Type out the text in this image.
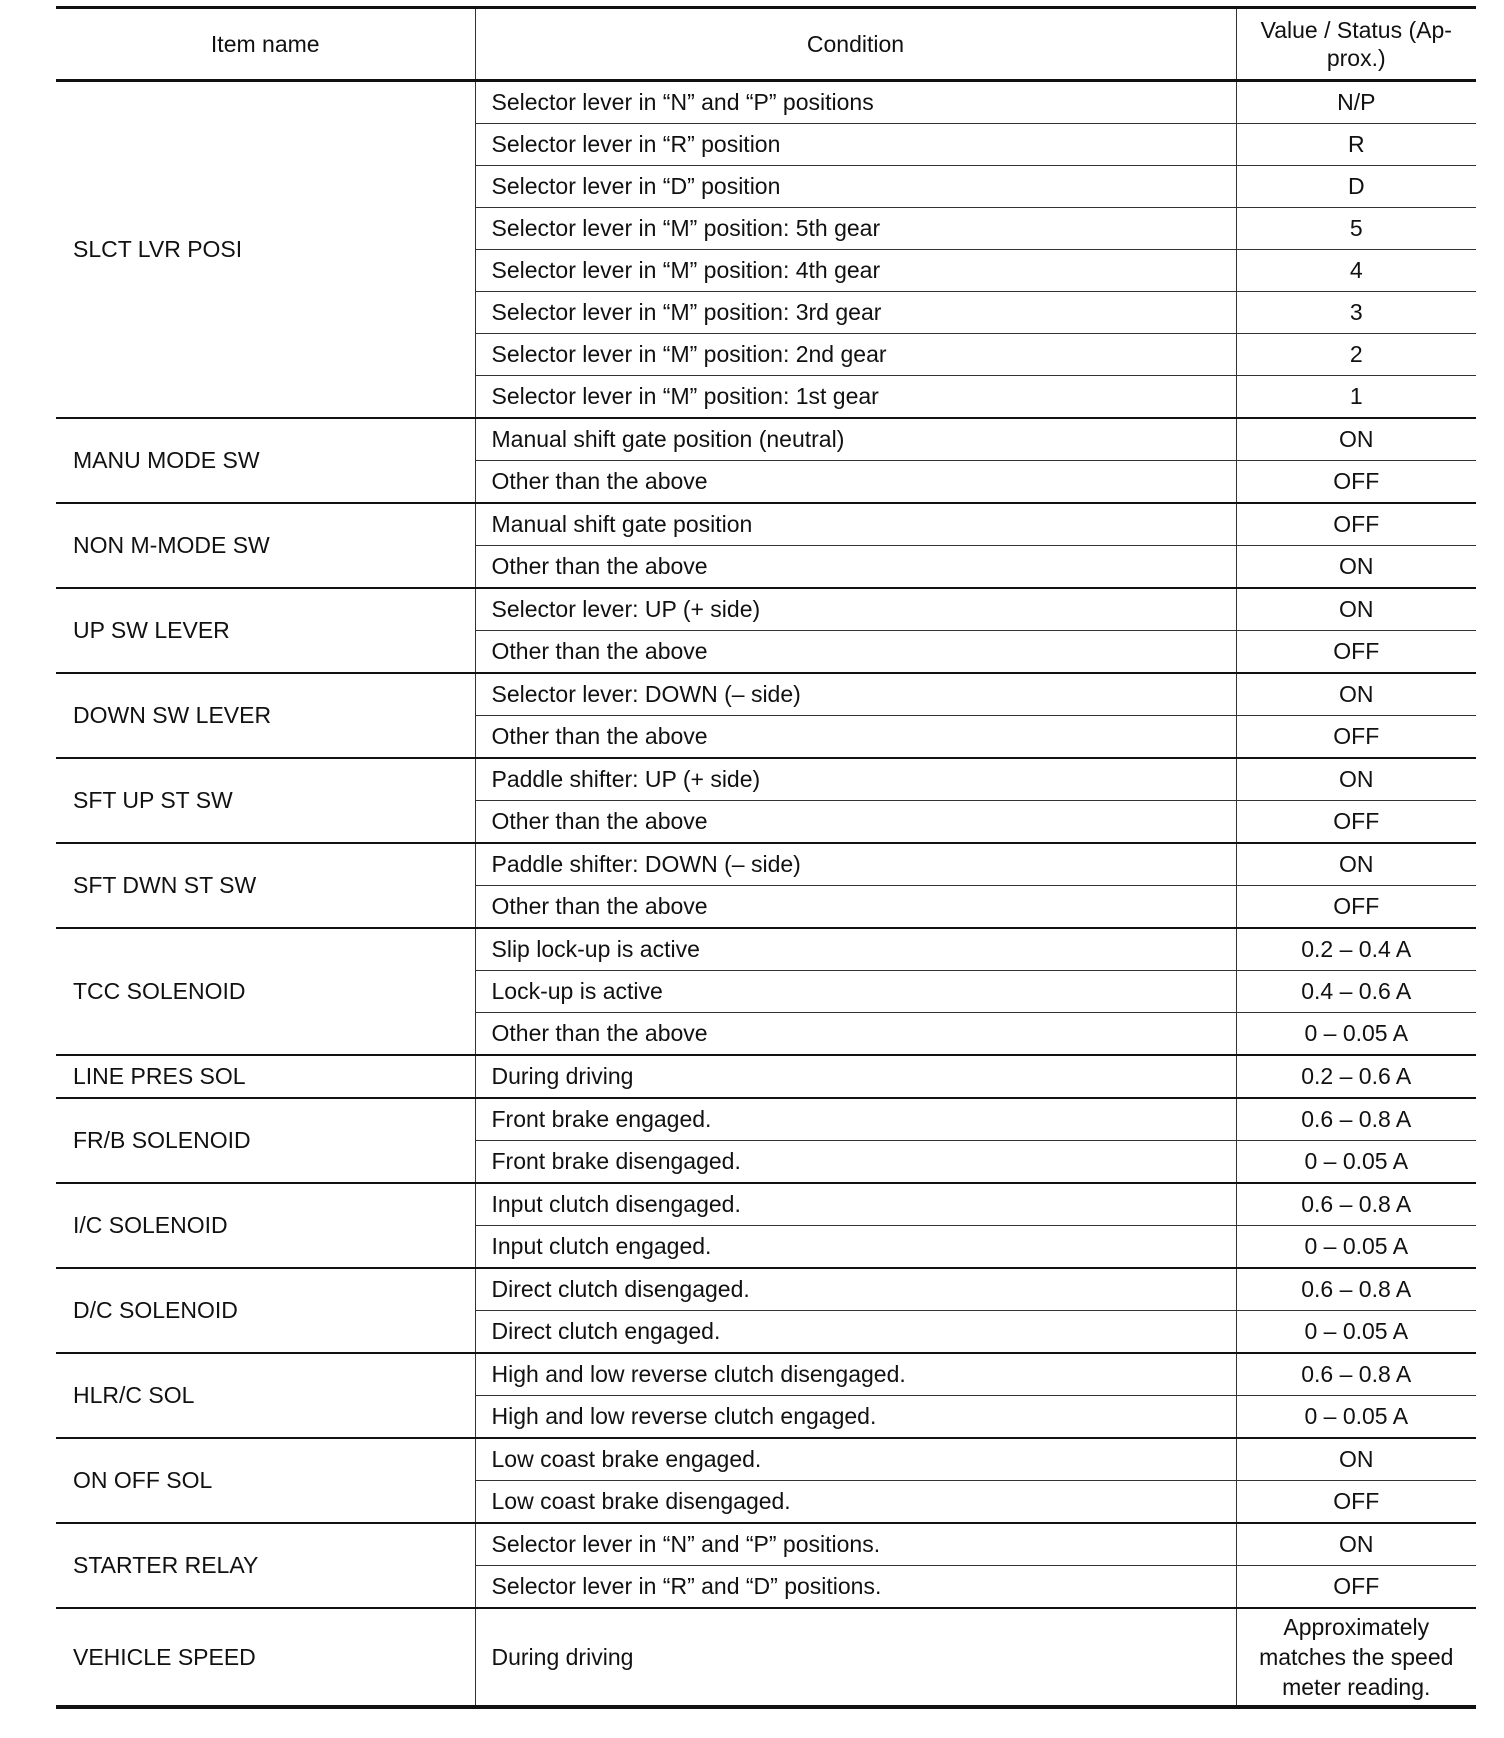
Item name	Condition	Value / Status (Ap-prox.)
SLCT LVR POSI	Selector lever in “N” and “P” positions	N/P
	Selector lever in “R” position	R
	Selector lever in “D” position	D
	Selector lever in “M” position: 5th gear	5
	Selector lever in “M” position: 4th gear	4
	Selector lever in “M” position: 3rd gear	3
	Selector lever in “M” position: 2nd gear	2
	Selector lever in “M” position: 1st gear	1
MANU MODE SW	Manual shift gate position (neutral)	ON
	Other than the above	OFF
NON M-MODE SW	Manual shift gate position	OFF
	Other than the above	ON
UP SW LEVER	Selector lever: UP (+ side)	ON
	Other than the above	OFF
DOWN SW LEVER	Selector lever: DOWN (– side)	ON
	Other than the above	OFF
SFT UP ST SW	Paddle shifter: UP (+ side)	ON
	Other than the above	OFF
SFT DWN ST SW	Paddle shifter: DOWN (– side)	ON
	Other than the above	OFF
TCC SOLENOID	Slip lock-up is active	0.2 – 0.4 A
	Lock-up is active	0.4 – 0.6 A
	Other than the above	0 – 0.05 A
LINE PRES SOL	During driving	0.2 – 0.6 A
FR/B SOLENOID	Front brake engaged.	0.6 – 0.8 A
	Front brake disengaged.	0 – 0.05 A
I/C SOLENOID	Input clutch disengaged.	0.6 – 0.8 A
	Input clutch engaged.	0 – 0.05 A
D/C SOLENOID	Direct clutch disengaged.	0.6 – 0.8 A
	Direct clutch engaged.	0 – 0.05 A
HLR/C SOL	High and low reverse clutch disengaged.	0.6 – 0.8 A
	High and low reverse clutch engaged.	0 – 0.05 A
ON OFF SOL	Low coast brake engaged.	ON
	Low coast brake disengaged.	OFF
STARTER RELAY	Selector lever in “N” and “P” positions.	ON
	Selector lever in “R” and “D” positions.	OFF
VEHICLE SPEED	During driving	Approximately matches the speed meter reading.
